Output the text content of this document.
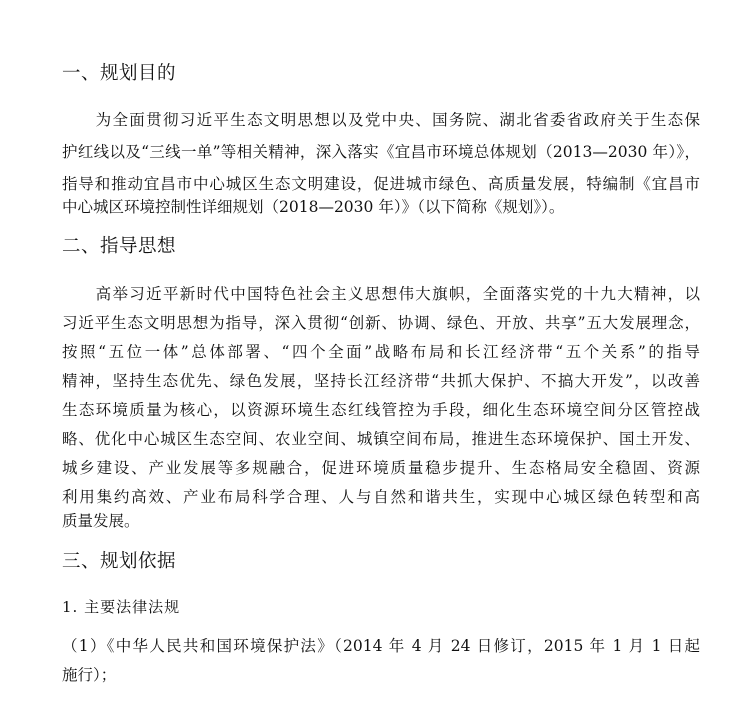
一、规划目的
　　为全面贯彻习近平生态文明思想以及党中央、国务院、湖北省委省政府关于生态保
护红线以及“三线一单”等相关精神，深入落实《宜昌市环境总体规划（2013—2030 年）》，
指导和推动宜昌市中心城区生态文明建设，促进城市绿色、高质量发展，特编制《宜昌市
中心城区环境控制性详细规划（2018—2030 年）》（以下简称《规划》）。
二、指导思想
　　高举习近平新时代中国特色社会主义思想伟大旗帜，全面落实党的十九大精神，以
习近平生态文明思想为指导，深入贯彻“创新、协调、绿色、开放、共享”五大发展理念，
按照“五位一体”总体部署、“四个全面”战略布局和长江经济带“五个关系”的指导
精神，坚持生态优先、绿色发展，坚持长江经济带“共抓大保护、不搞大开发”，以改善
生态环境质量为核心，以资源环境生态红线管控为手段，细化生态环境空间分区管控战
略、优化中心城区生态空间、农业空间、城镇空间布局，推进生态环境保护、国土开发、
城乡建设、产业发展等多规融合，促进环境质量稳步提升、生态格局安全稳固、资源
利用集约高效、产业布局科学合理、人与自然和谐共生，实现中心城区绿色转型和高
质量发展。
三、规划依据
1. 主要法律法规
（1）《中华人民共和国环境保护法》（2014 年 4 月 24 日修订，2015 年 1 月 1 日起
施行）；
